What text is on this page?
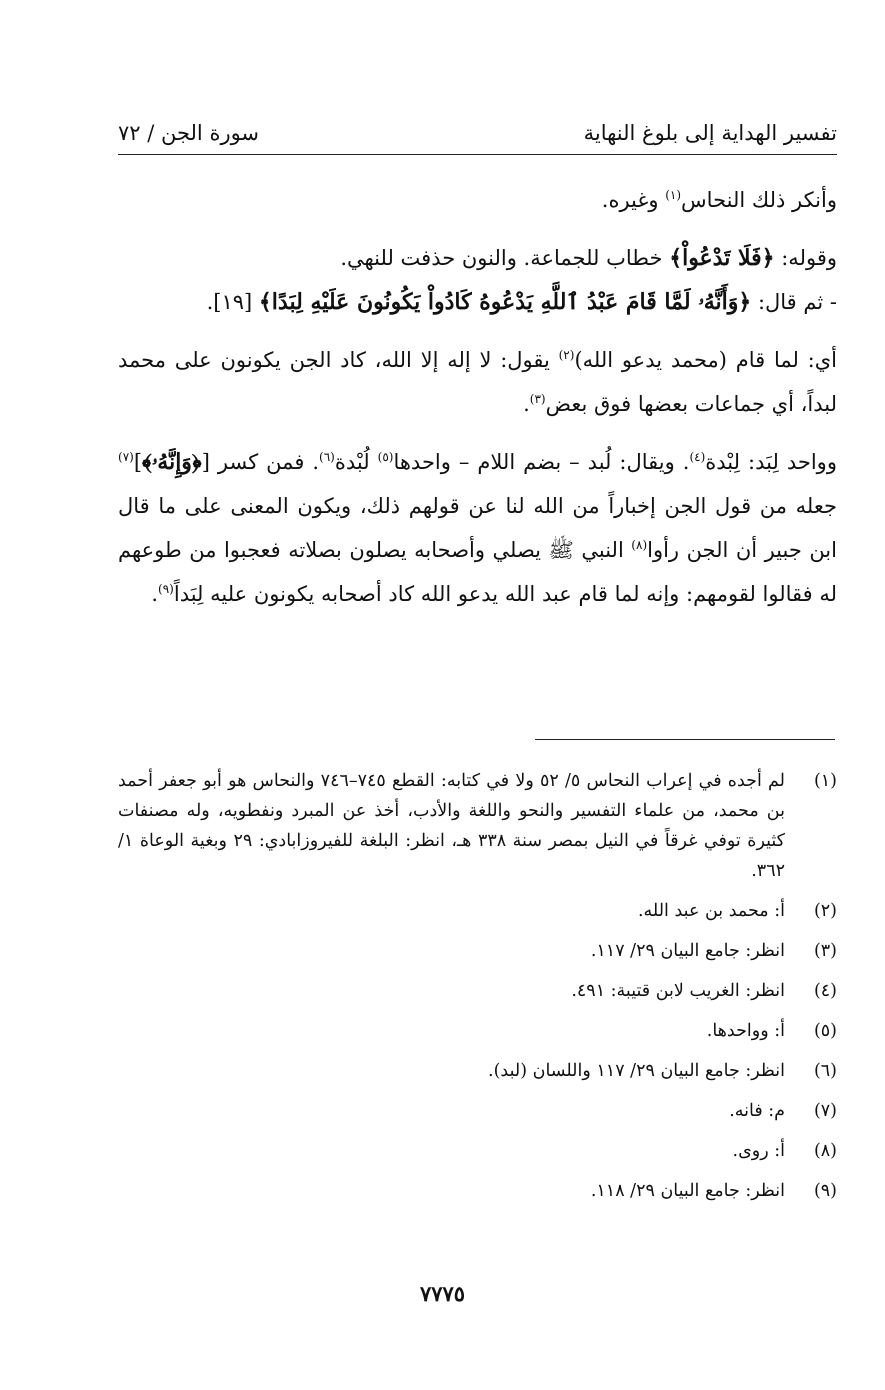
تفسير الهداية إلى بلوغ النهاية
سورة الجن / ٧٢

وأنكر ذلك النحاس$^{(١)}$ وغيره.

وقوله: ﴿فَلَا تَدْعُواْ﴾ خطاب للجماعة. والنون حذفت للنهي.

- ثم قال: ﴿وَأَنَّهُۥ لَمَّا قَامَ عَبْدُ ٱللَّهِ يَدْعُوهُ كَادُواْ يَكُونُونَ عَلَيْهِ لِبَدًا﴾ [١٩].

أي: لما قام (محمد يدعو الله)$^{(٢)}$ يقول: لا إله إلا الله، كاد الجن يكونون على محمد لبداً، أي جماعات بعضها فوق بعض$^{(٣)}$.

وواحد لِبَد: لِبْدة$^{(٤)}$. ويقال: لُبد – بضم اللام – واحدها$^{(٥)}$ لُبْدة$^{(٦)}$. فمن كسر [﴿وَإِنَّهُۥ﴾]$^{(٧)}$ جعله من قول الجن إخباراً من الله لنا عن قولهم ذلك، ويكون المعنى على ما قال ابن جبير أن الجن رأوا$^{(٨)}$ النبي ﷺ يصلي وأصحابه يصلون بصلاته فعجبوا من طوعهم له فقالوا لقومهم: وإنه لما قام عبد الله يدعو الله كاد أصحابه يكونون عليه لِبَداً$^{(٩)}$.

(١)
لم أجده في إعراب النحاس ٥/ ٥٢ ولا في كتابه: القطع ٧٤٥–٧٤٦ والنحاس هو أبو جعفر أحمد بن محمد، من علماء التفسير والنحو واللغة والأدب، أخذ عن المبرد ونفطويه، وله مصنفات كثيرة توفي غرقاً في النيل بمصر سنة ٣٣٨ هـ، انظر: البلغة للفيروزابادي: ٢٩ وبغية الوعاة ١/ ٣٦٢.
(٢)
أ: محمد بن عبد الله.
(٣)
انظر: جامع البيان ٢٩/ ١١٧.
(٤)
انظر: الغريب لابن قتيبة: ٤٩١.
(٥)
أ: وواحدها.
(٦)
انظر: جامع البيان ٢٩/ ١١٧ واللسان (لبد).
(٧)
م: فانه.
(٨)
أ: روى.
(٩)
انظر: جامع البيان ٢٩/ ١١٨.
٧٧٧٥
